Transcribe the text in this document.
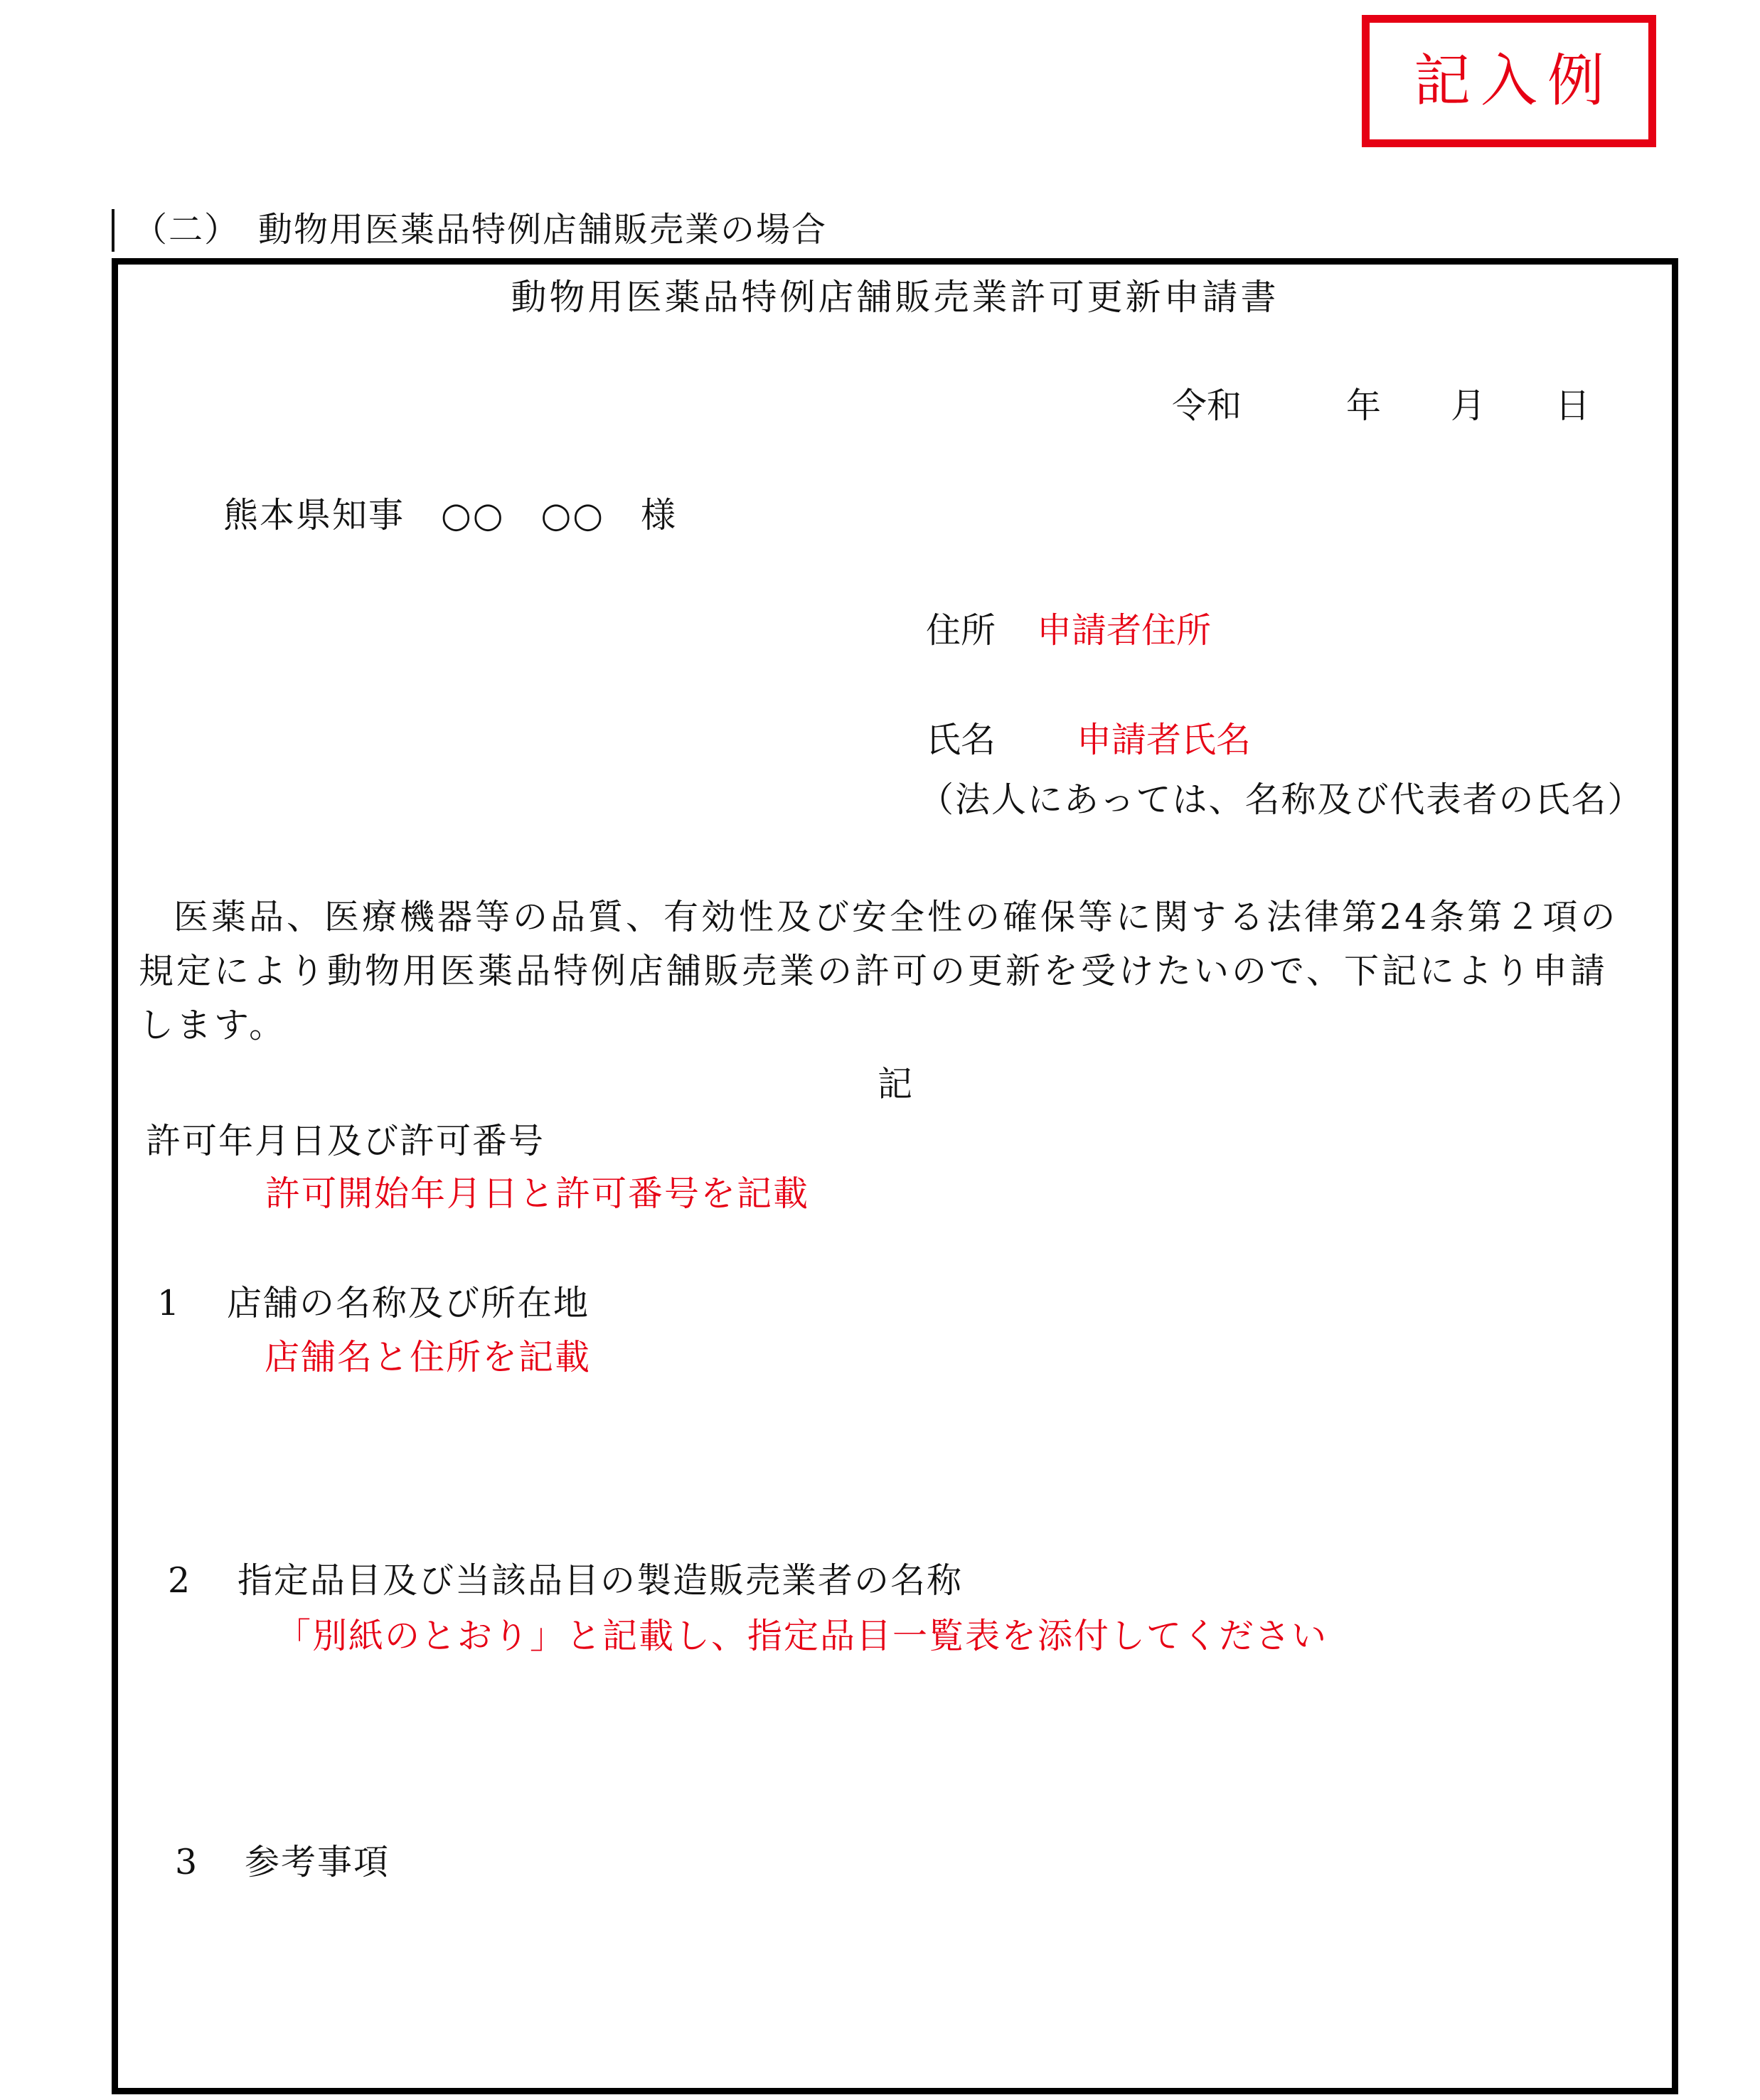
記入例
（二）　動物用医薬品特例店舗販売業の場合
動物用医薬品特例店舗販売業許可更新申請書
令和　　　年　　月　　日
熊本県知事　○○　○○　様
住所 申請者住所
氏名 申請者氏名
（法人にあっては、名称及び代表者の氏名）
医薬品、医療機器等の品質、有効性及び安全性の確保等に関する法律第24条第２項の
規定により動物用医薬品特例店舗販売業の許可の更新を受けたいので、下記により申請
します。
記
許可年月日及び許可番号
許可開始年月日と許可番号を記載
1 店舗の名称及び所在地
店舗名と住所を記載
2 指定品目及び当該品目の製造販売業者の名称
「別紙のとおり」と記載し、指定品目一覧表を添付してください
3 参考事項
